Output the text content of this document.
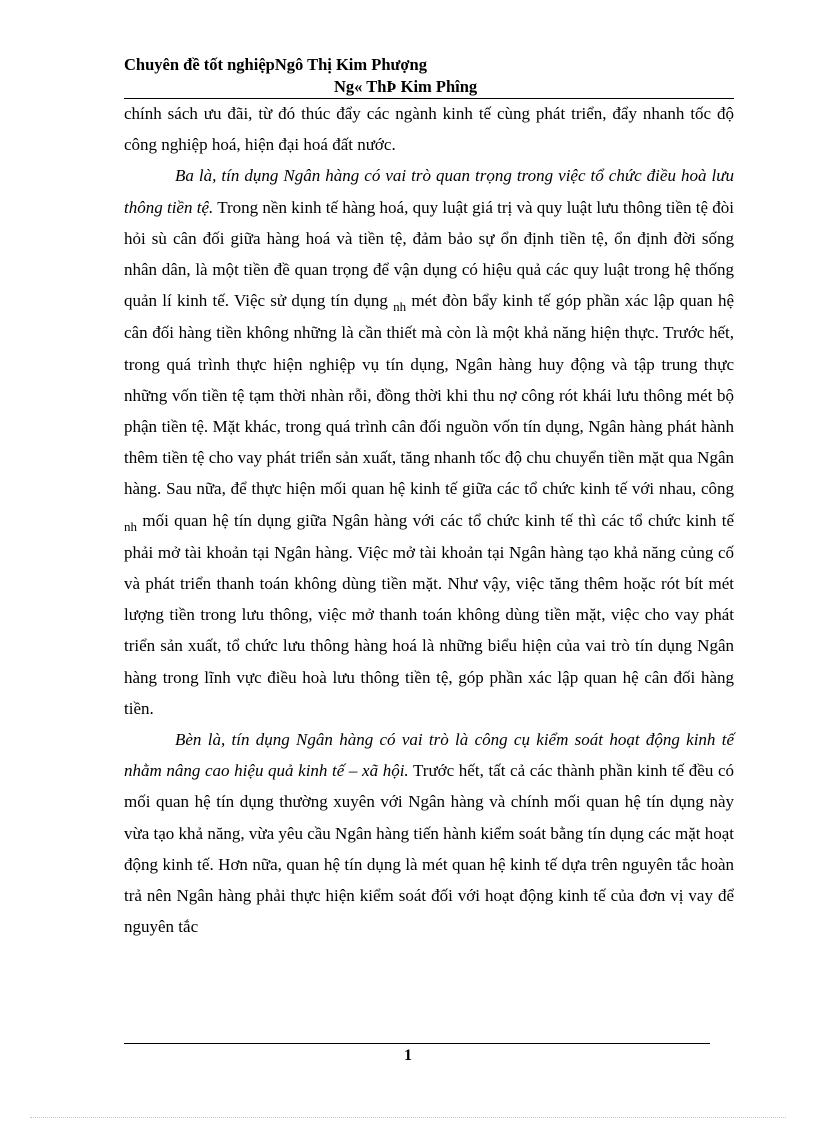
Chuyên đề tốt nghiệpNgô Thị Kim Phượng
Ng« ThÞ Kim Phîng

chính sách ưu đãi, từ đó thúc đẩy các ngành kinh tế cùng phát triển, đẩy nhanh tốc độ công nghiệp hoá, hiện đại hoá đất nước.

Ba là, tín dụng Ngân hàng có vai trò quan trọng trong việc tổ chức điều hoà lưu thông tiền tệ. Trong nền kinh tế hàng hoá, quy luật giá trị và quy luật lưu thông tiền tệ đòi hỏi sù cân đối giữa hàng hoá và tiền tệ, đảm bảo sự ổn định tiền tệ, ổn định đời sống nhân dân, là một tiền đề quan trọng để vận dụng có hiệu quả các quy luật trong hệ thống quản lí kinh tế. Việc sử dụng tín dụng $_{nh}$ mét đòn bẩy kinh tế góp phần xác lập quan hệ cân đối hàng tiền không những là cần thiết mà còn là một khả năng hiện thực. Trước hết, trong quá trình thực hiện nghiệp vụ tín dụng, Ngân hàng huy động và tập trung thực những vốn tiền tệ tạm thời nhàn rỗi, đồng thời khi thu nợ công rót khái lưu thông mét bộ phận tiền tệ. Mặt khác, trong quá trình cân đối nguồn vốn tín dụng, Ngân hàng phát hành thêm tiền tệ cho vay phát triển sản xuất, tăng nhanh tốc độ chu chuyển tiền mặt qua Ngân hàng. Sau nữa, để thực hiện mối quan hệ kinh tế giữa các tổ chức kinh tế với nhau, công $_{nh}$ mối quan hệ tín dụng giữa Ngân hàng với các tổ chức kinh tế thì các tổ chức kinh tế phải mở tài khoản tại Ngân hàng. Việc mở tài khoản tại Ngân hàng tạo khả năng củng cố và phát triển thanh toán không dùng tiền mặt. Như vậy, việc tăng thêm hoặc rót bít mét lượng tiền trong lưu thông, việc mở thanh toán không dùng tiền mặt, việc cho vay phát triển sản xuất, tổ chức lưu thông hàng hoá là những biểu hiện của vai trò tín dụng Ngân hàng trong lĩnh vực điều hoà lưu thông tiền tệ, góp phần xác lập quan hệ cân đối hàng tiền.

Bèn là, tín dụng Ngân hàng có vai trò là công cụ kiểm soát hoạt động kinh tế nhằm nâng cao hiệu quả kinh tế – xã hội. Trước hết, tất cả các thành phần kinh tế đều có mối quan hệ tín dụng thường xuyên với Ngân hàng và chính mối quan hệ tín dụng này vừa tạo khả năng, vừa yêu cầu Ngân hàng tiến hành kiểm soát bằng tín dụng các mặt hoạt động kinh tế. Hơn nữa, quan hệ tín dụng là mét quan hệ kinh tế dựa trên nguyên tắc hoàn trả nên Ngân hàng phải thực hiện kiểm soát đối với hoạt động kinh tế của đơn vị vay để nguyên tắc

1
